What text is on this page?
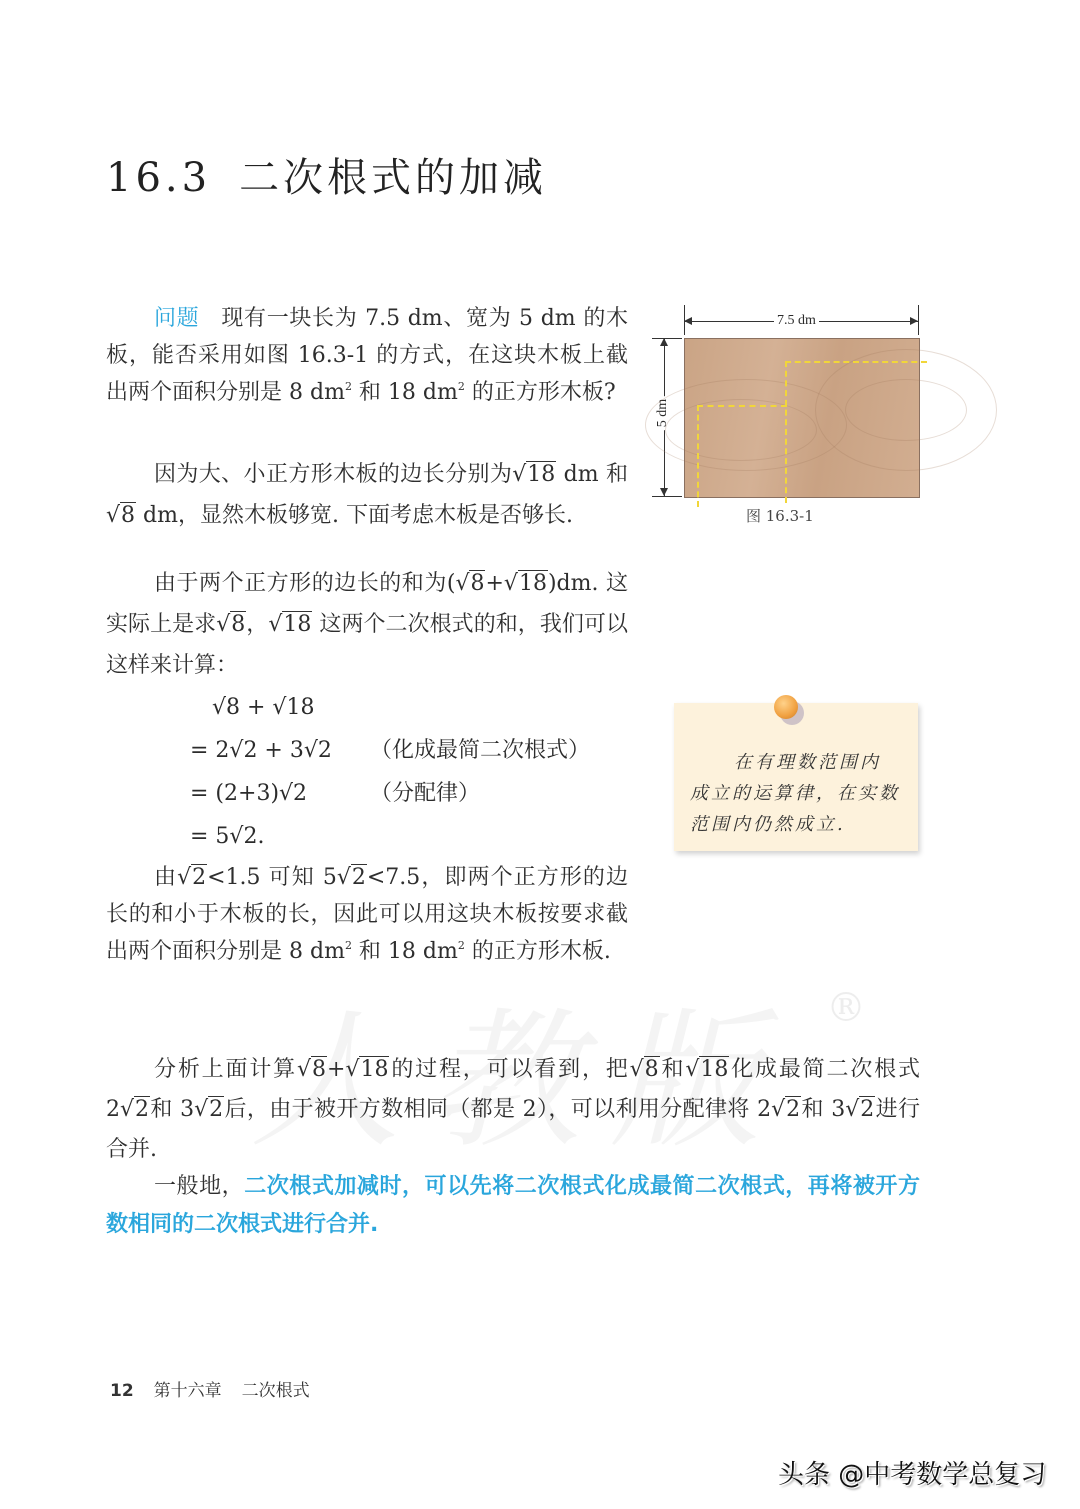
16.3 二次根式的加减
®
问题 现有一块长为 7.5 dm、宽为 5 dm 的木板，能否采用如图 16.3-1 的方式，在这块木板上截出两个面积分别是 8 $dm^2$ 和 18 $dm^2$ 的正方形木板?
因为大、小正方形木板的边长分别为√18 dm 和√8 dm，显然木板够宽. 下面考虑木板是否够长.
由于两个正方形的边长的和为(√8+√18)dm. 这实际上是求√8，√18 这两个二次根式的和，我们可以这样来计算：
√8 + √18
= 2√2 + 3√2	（化成最简二次根式）
= (2+3)√2	（分配律）
= 5√2.
由√2<1.5 可知 5√2<7.5，即两个正方形的边长的和小于木板的长，因此可以用这块木板按要求截出两个面积分别是 8 $dm^2$ 和 18 $dm^2$ 的正方形木板.
7.5 dm
5 dm
图 16.3-1
在有理数范围内
成立的运算律，在实数范围内仍然成立.
分析上面计算√8+√18的过程，可以看到，把√8和√18化成最简二次根式 2√2和 3√2后，由于被开方数相同（都是 2），可以利用分配律将 2√2和 3√2进行合并.
一般地，二次根式加减时，可以先将二次根式化成最简二次根式，再将被开方数相同的二次根式进行合并.
12 第十六章 二次根式
头条 @中考数学总复习
